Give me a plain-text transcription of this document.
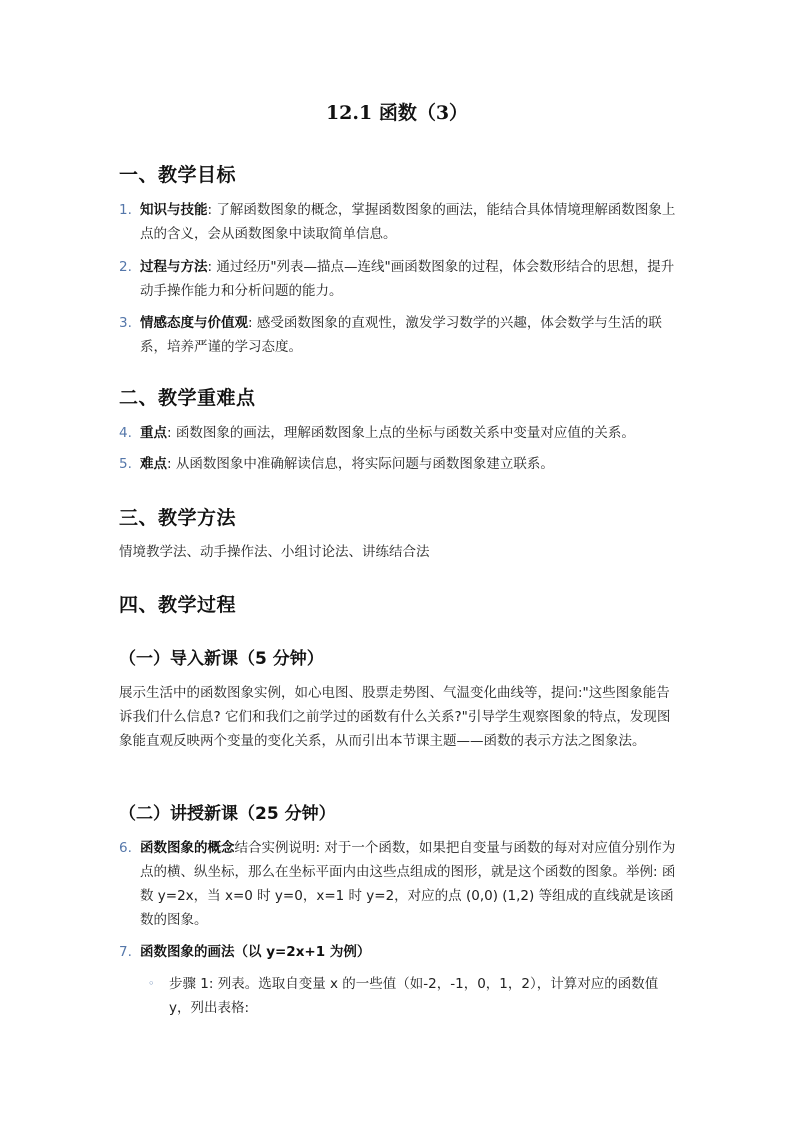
12.1 函数（3）
一、教学目标
1. 知识与技能: 了解函数图象的概念，掌握函数图象的画法，能结合具体情境理解函数图象上点的含义，会从函数图象中读取简单信息。
2. 过程与方法: 通过经历"列表—描点—连线"画函数图象的过程，体会数形结合的思想，提升动手操作能力和分析问题的能力。
3. 情感态度与价值观: 感受函数图象的直观性，激发学习数学的兴趣，体会数学与生活的联系，培养严谨的学习态度。
二、教学重难点
4. 重点: 函数图象的画法，理解函数图象上点的坐标与函数关系中变量对应值的关系。
5. 难点: 从函数图象中准确解读信息，将实际问题与函数图象建立联系。
三、教学方法
情境教学法、动手操作法、小组讨论法、讲练结合法
四、教学过程
（一）导入新课（5 分钟）
展示生活中的函数图象实例，如心电图、股票走势图、气温变化曲线等，提问:"这些图象能告诉我们什么信息? 它们和我们之前学过的函数有什么关系?"引导学生观察图象的特点，发现图象能直观反映两个变量的变化关系，从而引出本节课主题——函数的表示方法之图象法。
（二）讲授新课（25 分钟）
6. 函数图象的概念结合实例说明: 对于一个函数，如果把自变量与函数的每对对应值分别作为点的横、纵坐标，那么在坐标平面内由这些点组成的图形，就是这个函数的图象。举例: 函数 y=2x，当 x=0 时 y=0，x=1 时 y=2，对应的点 (0,0) (1,2) 等组成的直线就是该函数的图象。
7. 函数图象的画法（以 y=2x+1 为例）
◦ 步骤 1: 列表。选取自变量 x 的一些值（如-2，-1，0，1，2），计算对应的函数值 y，列出表格:
